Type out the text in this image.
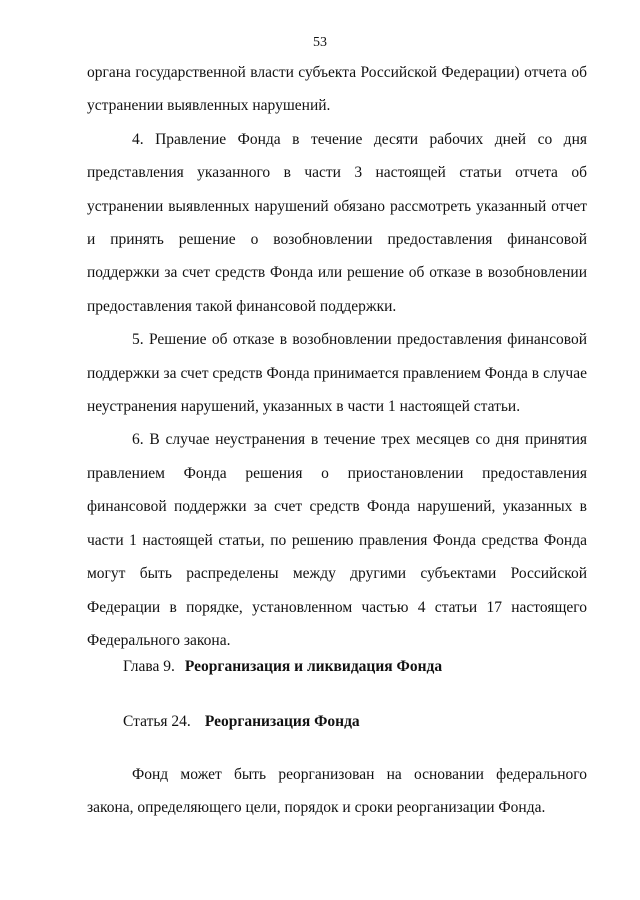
53

органа государственной власти субъекта Российской Федерации) отчета об устранении выявленных нарушений.

4. Правление Фонда в течение десяти рабочих дней со дня представления указанного в части 3 настоящей статьи отчета об устранении выявленных нарушений обязано рассмотреть указанный отчет и принять решение о возобновлении предоставления финансовой поддержки за счет средств Фонда или решение об отказе в возобновлении предоставления такой финансовой поддержки.

5. Решение об отказе в возобновлении предоставления финансовой поддержки за счет средств Фонда принимается правлением Фонда в случае неустранения нарушений, указанных в части 1 настоящей статьи.

6. В случае неустранения в течение трех месяцев со дня принятия правлением Фонда решения о приостановлении предоставления финансовой поддержки за счет средств Фонда нарушений, указанных в части 1 настоящей статьи, по решению правления Фонда средства Фонда могут быть распределены между другими субъектами Российской Федерации в порядке, установленном частью 4 статьи 17 настоящего Федерального закона.

Глава 9. Реорганизация и ликвидация Фонда
Статья 24. Реорганизация Фонда

Фонд может быть реорганизован на основании федерального закона, определяющего цели, порядок и сроки реорганизации Фонда.
